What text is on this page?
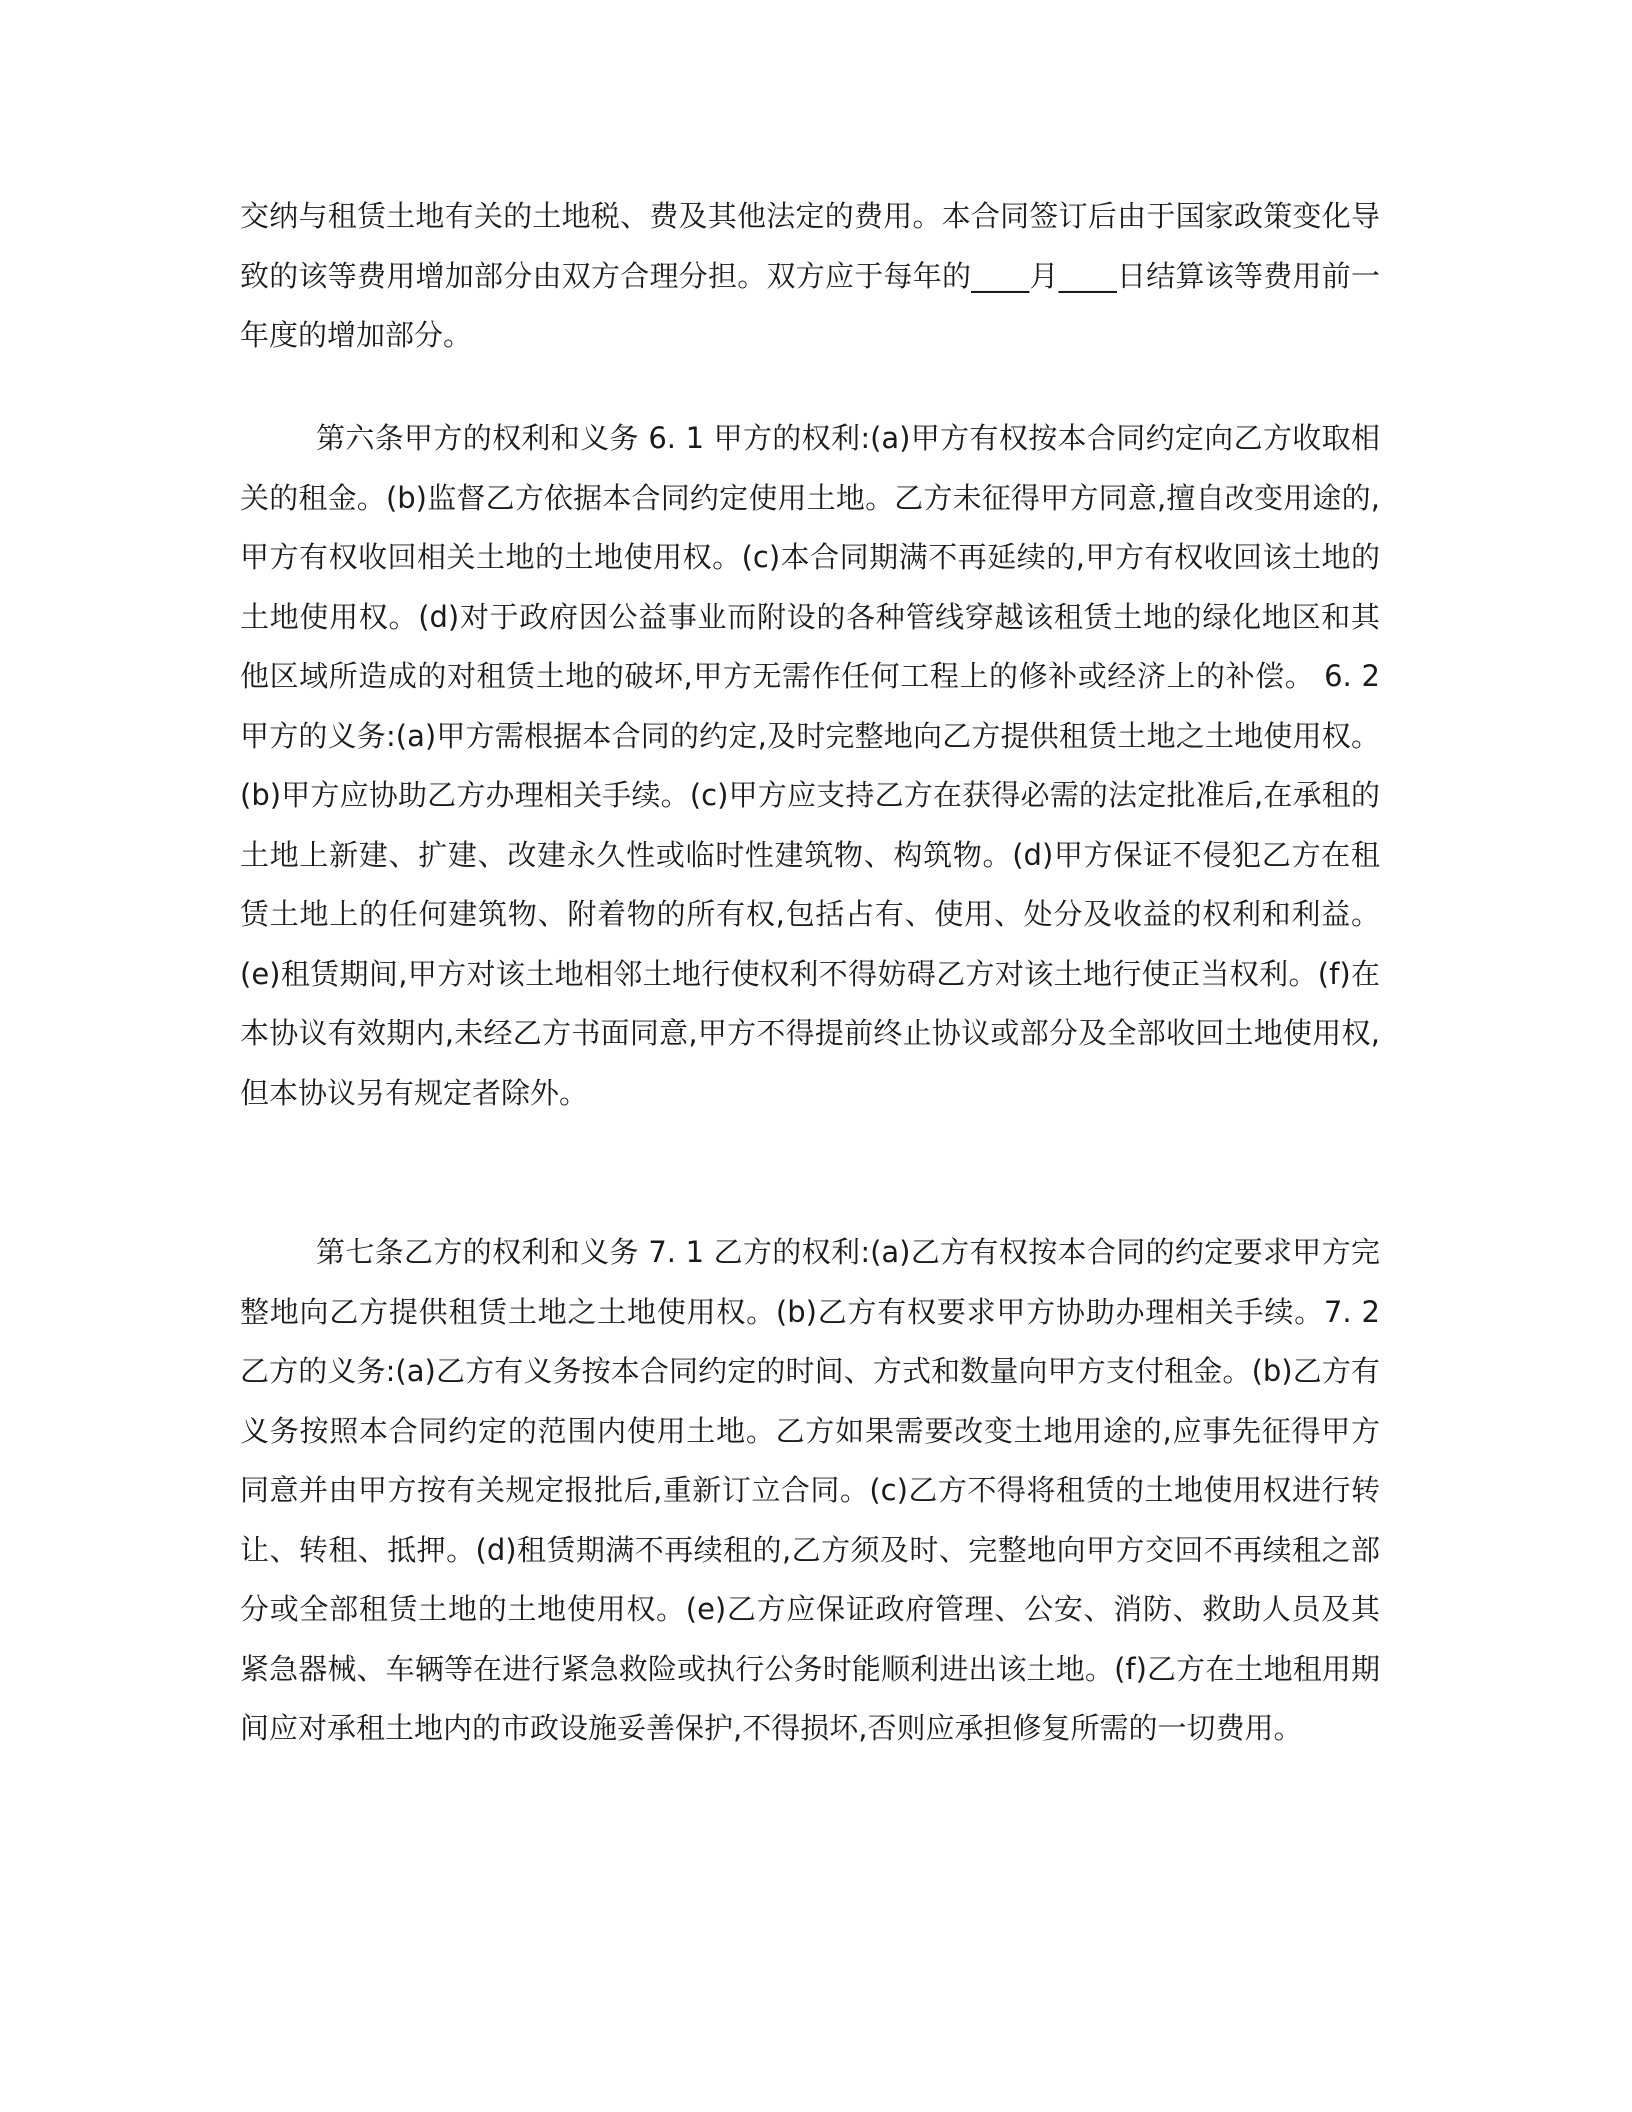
交纳与租赁土地有关的土地税、费及其他法定的费用。本合同签订后由于国家政策变化导致的该等费用增加部分由双方合理分担。双方应于每年的____月____日结算该等费用前一年度的增加部分。

第六条甲方的权利和义务 6. 1 甲方的权利:(a)甲方有权按本合同约定向乙方收取相关的租金。(b)监督乙方依据本合同约定使用土地。乙方未征得甲方同意,擅自改变用途的,甲方有权收回相关土地的土地使用权。(c)本合同期满不再延续的,甲方有权收回该土地的土地使用权。(d)对于政府因公益事业而附设的各种管线穿越该租赁土地的绿化地区和其他区域所造成的对租赁土地的破坏,甲方无需作任何工程上的修补或经济上的补偿。 6. 2 甲方的义务:(a)甲方需根据本合同的约定,及时完整地向乙方提供租赁土地之土地使用权。(b)甲方应协助乙方办理相关手续。(c)甲方应支持乙方在获得必需的法定批准后,在承租的土地上新建、扩建、改建永久性或临时性建筑物、构筑物。(d)甲方保证不侵犯乙方在租赁土地上的任何建筑物、附着物的所有权,包括占有、使用、处分及收益的权利和利益。(e)租赁期间,甲方对该土地相邻土地行使权利不得妨碍乙方对该土地行使正当权利。(f)在本协议有效期内,未经乙方书面同意,甲方不得提前终止协议或部分及全部收回土地使用权,但本协议另有规定者除外。

第七条乙方的权利和义务 7. 1 乙方的权利:(a)乙方有权按本合同的约定要求甲方完整地向乙方提供租赁土地之土地使用权。(b)乙方有权要求甲方协助办理相关手续。7. 2 乙方的义务:(a)乙方有义务按本合同约定的时间、方式和数量向甲方支付租金。(b)乙方有义务按照本合同约定的范围内使用土地。乙方如果需要改变土地用途的,应事先征得甲方同意并由甲方按有关规定报批后,重新订立合同。(c)乙方不得将租赁的土地使用权进行转让、转租、抵押。(d)租赁期满不再续租的,乙方须及时、完整地向甲方交回不再续租之部分或全部租赁土地的土地使用权。(e)乙方应保证政府管理、公安、消防、救助人员及其紧急器械、车辆等在进行紧急救险或执行公务时能顺利进出该土地。(f)乙方在土地租用期间应对承租土地内的市政设施妥善保护,不得损坏,否则应承担修复所需的一切费用。
